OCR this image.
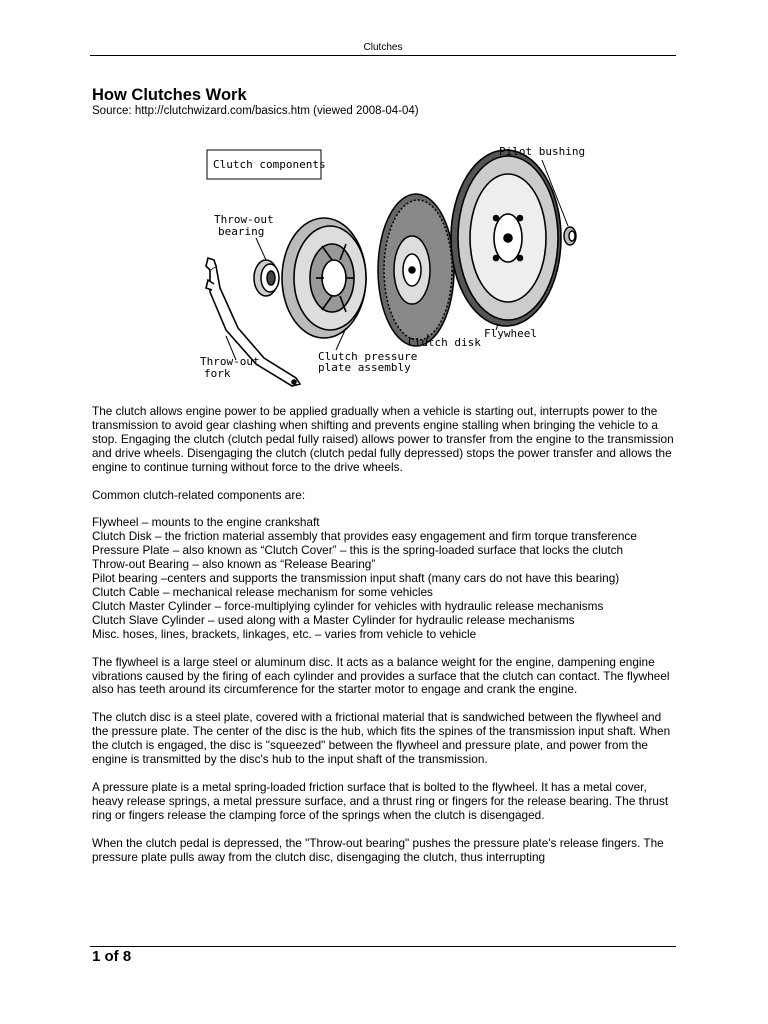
Clutches
How Clutches Work
Source: http://clutchwizard.com/basics.htm (viewed 2008-04-04)
Clutch components
Pilot bushing
Throw-out
bearing
Throw-out
fork
Clutch pressure
plate assembly
Clutch disk
Flywheel

The clutch allows engine power to be applied gradually when a vehicle is starting out, interrupts power to the transmission to avoid gear clashing when shifting and prevents engine stalling when bringing the vehicle to a stop. Engaging the clutch (clutch pedal fully raised) allows power to transfer from the engine to the transmission and drive wheels. Disengaging the clutch (clutch pedal fully depressed) stops the power transfer and allows the engine to continue turning without force to the drive wheels.

Common clutch-related components are:

Flywheel – mounts to the engine crankshaft
Clutch Disk – the friction material assembly that provides easy engagement and firm torque transference
Pressure Plate – also known as “Clutch Cover” – this is the spring-loaded surface that locks the clutch
Throw-out Bearing – also known as “Release Bearing”
Pilot bearing –centers and supports the transmission input shaft (many cars do not have this bearing)
Clutch Cable – mechanical release mechanism for some vehicles
Clutch Master Cylinder – force-multiplying cylinder for vehicles with hydraulic release mechanisms
Clutch Slave Cylinder – used along with a Master Cylinder for hydraulic release mechanisms
Misc. hoses, lines, brackets, linkages, etc. – varies from vehicle to vehicle

The flywheel is a large steel or aluminum disc. It acts as a balance weight for the engine, dampening engine vibrations caused by the firing of each cylinder and provides a surface that the clutch can contact. The flywheel also has teeth around its circumference for the starter motor to engage and crank the engine.

The clutch disc is a steel plate, covered with a frictional material that is sandwiched between the flywheel and the pressure plate. The center of the disc is the hub, which fits the spines of the transmission input shaft. When the clutch is engaged, the disc is "squeezed" between the flywheel and pressure plate, and power from the engine is transmitted by the disc's hub to the input shaft of the transmission.

A pressure plate is a metal spring-loaded friction surface that is bolted to the flywheel. It has a metal cover, heavy release springs, a metal pressure surface, and a thrust ring or fingers for the release bearing. The thrust ring or fingers release the clamping force of the springs when the clutch is disengaged.

When the clutch pedal is depressed, the "Throw-out bearing" pushes the pressure plate's release fingers. The pressure plate pulls away from the clutch disc, disengaging the clutch, thus interrupting

1 of 8
